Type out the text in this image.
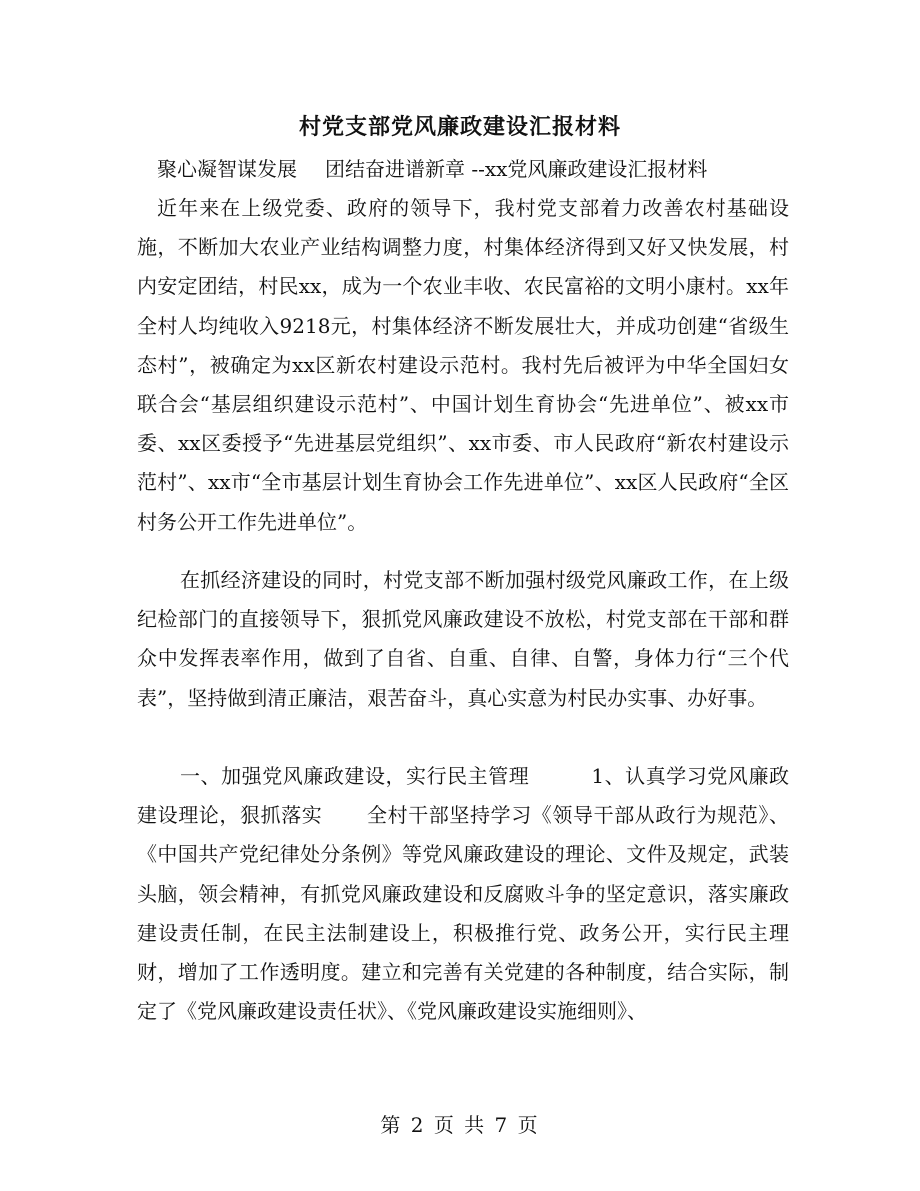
村党支部党风廉政建设汇报材料
聚心凝智谋发展 团结奋进谱新章 --xx党风廉政建设汇报材料

近年来在上级党委、政府的领导下，我村党支部着力改善农村基础设施，不断加大农业产业结构调整力度，村集体经济得到又好又快发展，村内安定团结，村民xx，成为一个农业丰收、农民富裕的文明小康村。xx年全村人均纯收入9218元，村集体经济不断发展壮大，并成功创建“省级生态村”，被确定为xx区新农村建设示范村。我村先后被评为中华全国妇女联合会“基层组织建设示范村”、中国计划生育协会“先进单位”、被xx市委、xx区委授予“先进基层党组织”、xx市委、市人民政府“新农村建设示范村”、xx市“全市基层计划生育协会工作先进单位”、xx区人民政府“全区村务公开工作先进单位”。

在抓经济建设的同时，村党支部不断加强村级党风廉政工作，在上级纪检部门的直接领导下，狠抓党风廉政建设不放松，村党支部在干部和群众中发挥表率作用，做到了自省、自重、自律、自警，身体力行“三个代表”，坚持做到清正廉洁，艰苦奋斗，真心实意为村民办实事、办好事。

一、加强党风廉政建设，实行民主管理	1、认真学习党风廉政建设理论，狠抓落实 全村干部坚持学习《领导干部从政行为规范》、《中国共产党纪律处分条例》等党风廉政建设的理论、文件及规定，武装头脑，领会精神，有抓党风廉政建设和反腐败斗争的坚定意识，落实廉政建设责任制，在民主法制建设上，积极推行党、政务公开，实行民主理财，增加了工作透明度。建立和完善有关党建的各种制度，结合实际，制定了《党风廉政建设责任状》、《党风廉政建设实施细则》、

第 2 页 共 7 页
